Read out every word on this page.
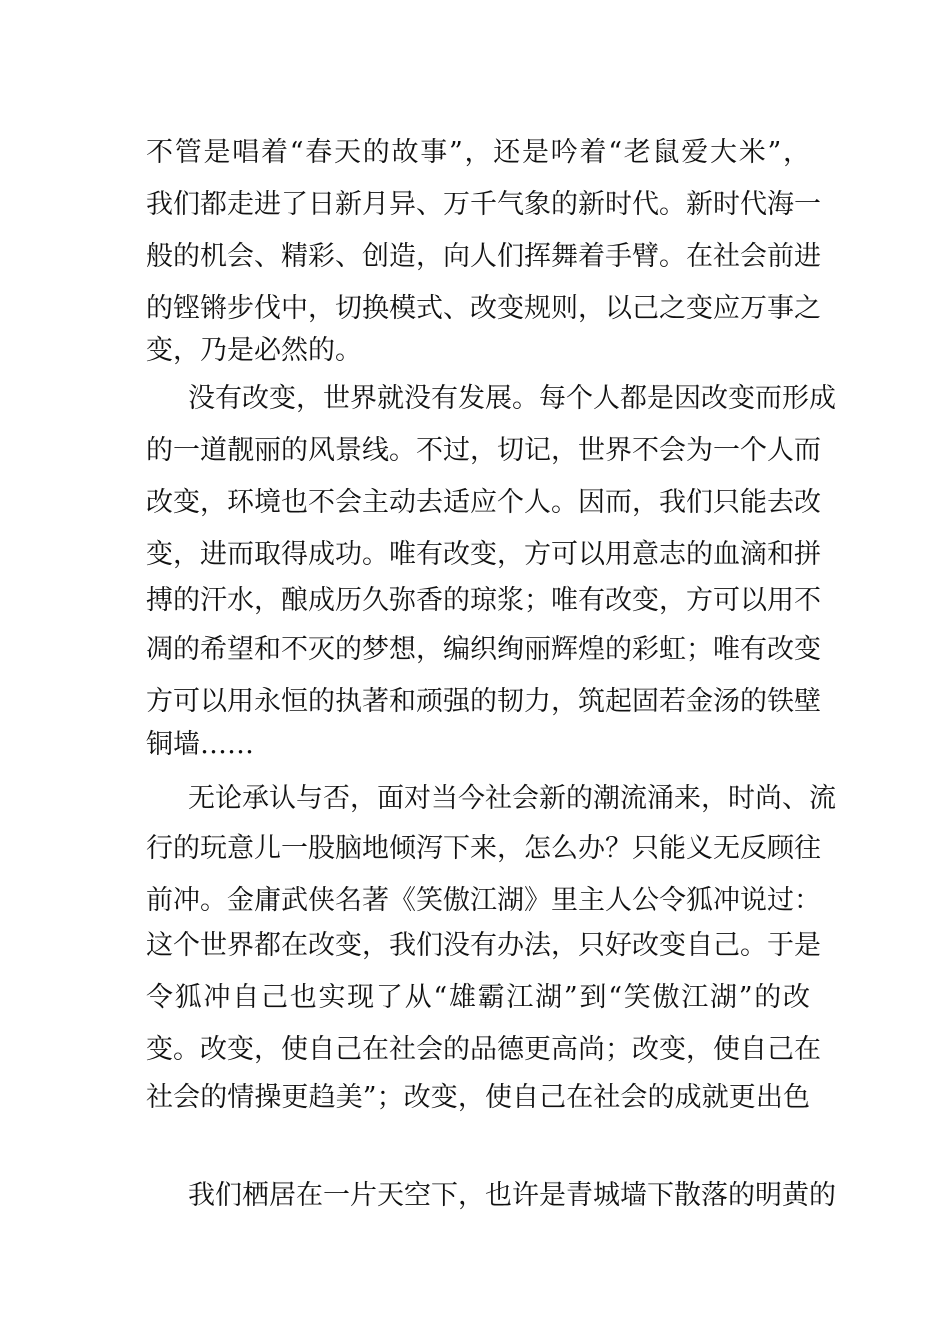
不管是唱着“春天的故事”，还是吟着“老鼠爱大米”，
我们都走进了日新月异、万千气象的新时代。新时代海一
般的机会、精彩、创造，向人们挥舞着手臂。在社会前进
的铿锵步伐中，切换模式、改变规则，以己之变应万事之
变，乃是必然的。
没有改变，世界就没有发展。每个人都是因改变而形成
的一道靓丽的风景线。不过，切记，世界不会为一个人而
改变，环境也不会主动去适应个人。因而，我们只能去改
变，进而取得成功。唯有改变，方可以用意志的血滴和拼
搏的汗水，酿成历久弥香的琼浆；唯有改变，方可以用不
凋的希望和不灭的梦想，编织绚丽辉煌的彩虹；唯有改变
方可以用永恒的执著和顽强的韧力，筑起固若金汤的铁壁
铜墙……
无论承认与否，面对当今社会新的潮流涌来，时尚、流
行的玩意儿一股脑地倾泻下来，怎么办？只能义无反顾往
前冲。金庸武侠名著《笑傲江湖》里主人公令狐冲说过：
这个世界都在改变，我们没有办法，只好改变自己。于是
令狐冲自己也实现了从“雄霸江湖”到“笑傲江湖”的改
变。改变，使自己在社会的品德更高尚；改变，使自己在
社会的情操更趋美”；改变，使自己在社会的成就更出色
我们栖居在一片天空下，也许是青城墙下散落的明黄的
